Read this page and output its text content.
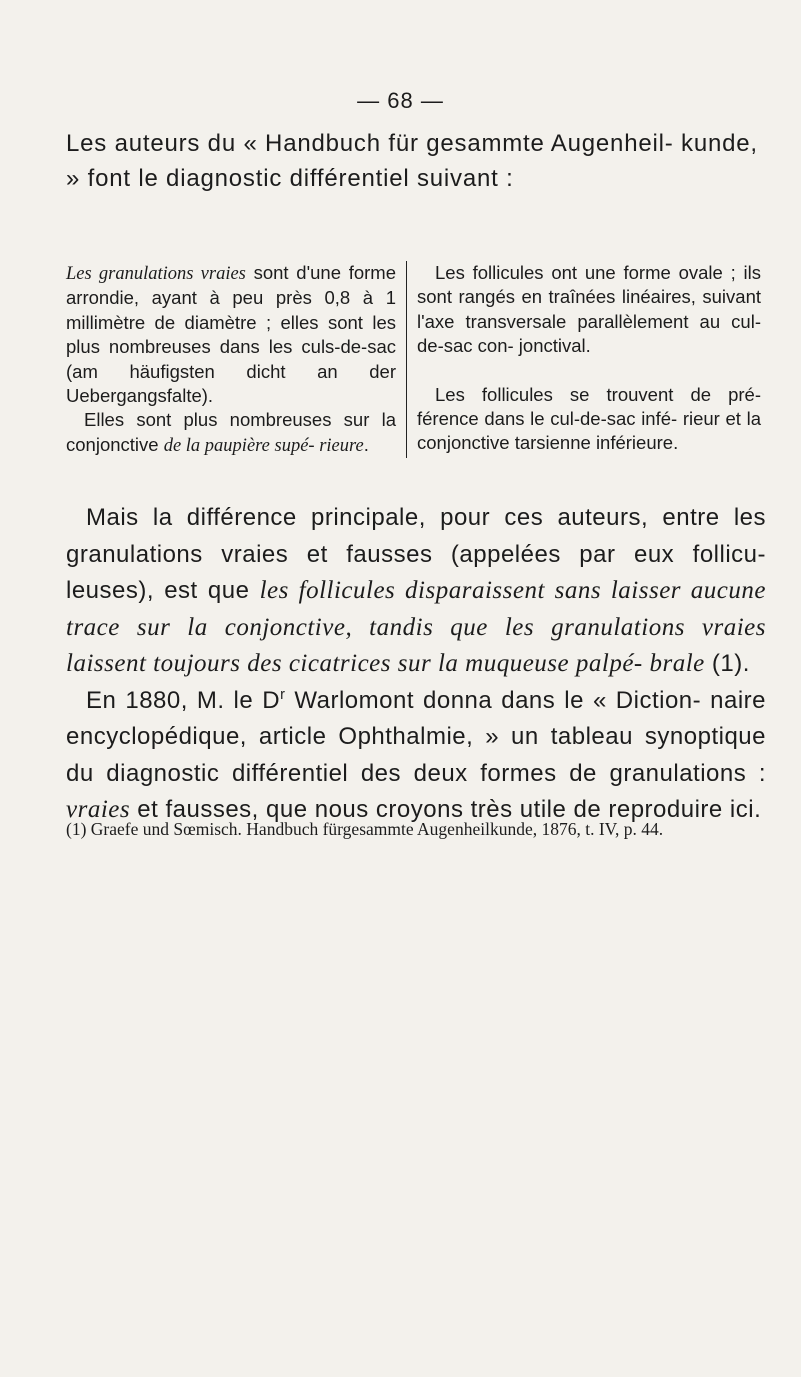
— 68 —

Les auteurs du « Handbuch für gesammte Augenheil- kunde, » font le diagnostic différentiel suivant :

Les granulations vraies sont d'une forme arrondie, ayant à peu près 0,8 à 1 millimètre de diamètre ; elles sont les plus nombreuses dans les culs-de-sac (am häufigsten dicht an der Uebergangsfalte).

Elles sont plus nombreuses sur la conjonctive de la paupière supé- rieure.

Les follicules ont une forme ovale ; ils sont rangés en traînées linéaires, suivant l'axe transversale parallèlement au cul-de-sac con- jonctival.

Les follicules se trouvent de pré- férence dans le cul-de-sac infé- rieur et la conjonctive tarsienne inférieure.

Mais la différence principale, pour ces auteurs, entre les granulations vraies et fausses (appelées par eux follicu- leuses), est que les follicules disparaissent sans laisser aucune trace sur la conjonctive, tandis que les granulations vraies laissent toujours des cicatrices sur la muqueuse palpé- brale (1).

En 1880, M. le $D^r$ Warlomont donna dans le « Diction- naire encyclopédique, article Ophthalmie, » un tableau synoptique du diagnostic différentiel des deux formes de granulations : vraies et fausses, que nous croyons très utile de reproduire ici.

(1) Graefe und Sœmisch. Handbuch fürgesammte Augenheilkunde, 1876, t. IV, p. 44.
